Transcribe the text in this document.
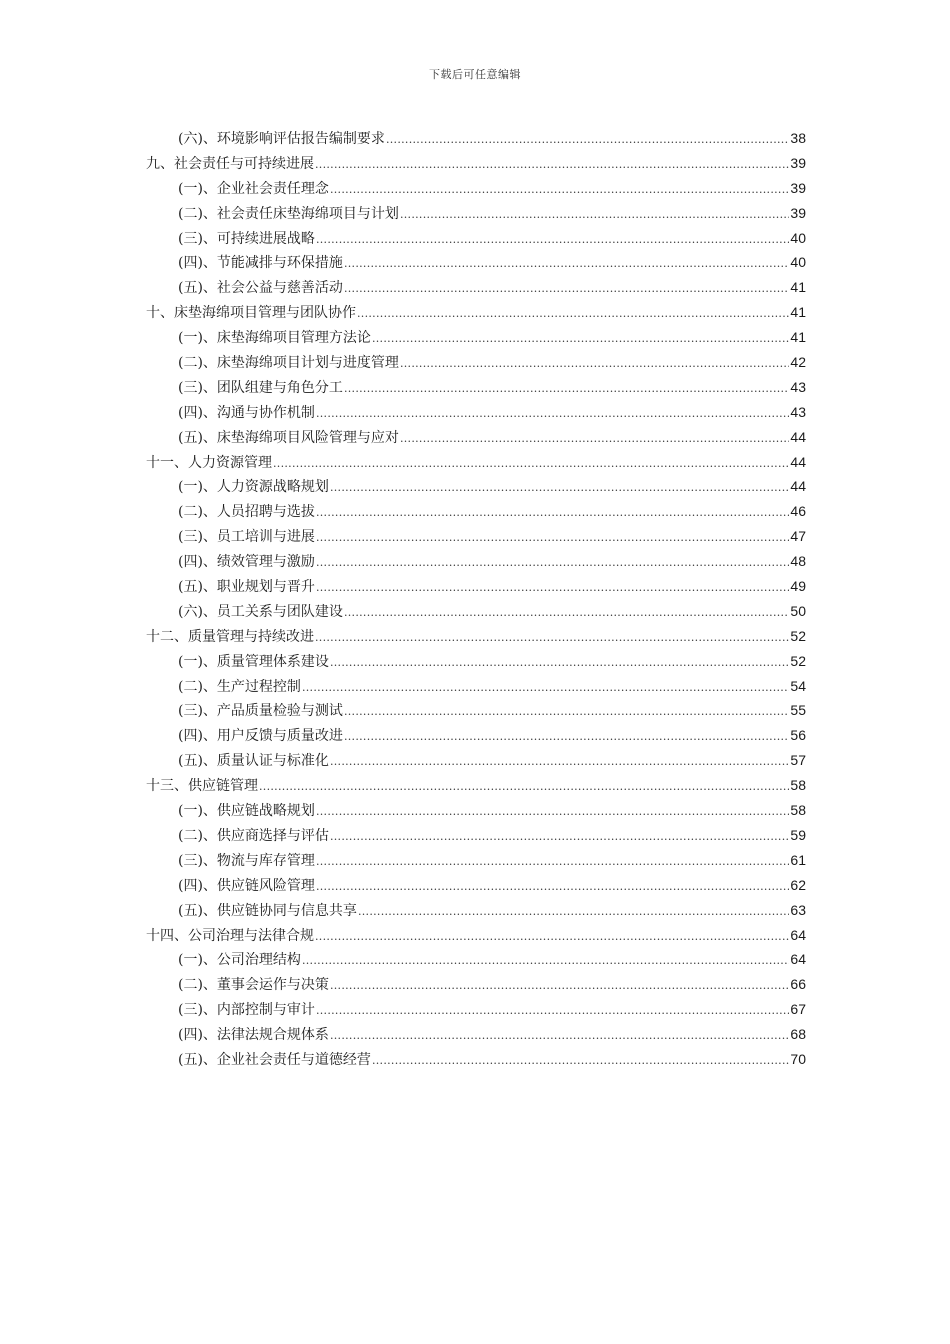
下载后可任意编辑
(六)、环境影响评估报告编制要求 .....	38
九、社会责任与可持续进展 .....	39
(一)、企业社会责任理念 .....	39
(二)、社会责任床垫海绵项目与计划 .....	39
(三)、可持续进展战略 .....	40
(四)、节能减排与环保措施 .....	40
(五)、社会公益与慈善活动 .....	41
十、床垫海绵项目管理与团队协作 .....	41
(一)、床垫海绵项目管理方法论 .....	41
(二)、床垫海绵项目计划与进度管理 .....	42
(三)、团队组建与角色分工 .....	43
(四)、沟通与协作机制 .....	43
(五)、床垫海绵项目风险管理与应对 .....	44
十一、人力资源管理 .....	44
(一)、人力资源战略规划 .....	44
(二)、人员招聘与选拔 .....	46
(三)、员工培训与进展 .....	47
(四)、绩效管理与激励 .....	48
(五)、职业规划与晋升 .....	49
(六)、员工关系与团队建设 .....	50
十二、质量管理与持续改进 .....	52
(一)、质量管理体系建设 .....	52
(二)、生产过程控制 .....	54
(三)、产品质量检验与测试 .....	55
(四)、用户反馈与质量改进 .....	56
(五)、质量认证与标准化 .....	57
十三、供应链管理 .....	58
(一)、供应链战略规划 .....	58
(二)、供应商选择与评估 .....	59
(三)、物流与库存管理 .....	61
(四)、供应链风险管理 .....	62
(五)、供应链协同与信息共享 .....	63
十四、公司治理与法律合规 .....	64
(一)、公司治理结构 .....	64
(二)、董事会运作与决策 .....	66
(三)、内部控制与审计 .....	67
(四)、法律法规合规体系 .....	68
(五)、企业社会责任与道德经营 .....	70
